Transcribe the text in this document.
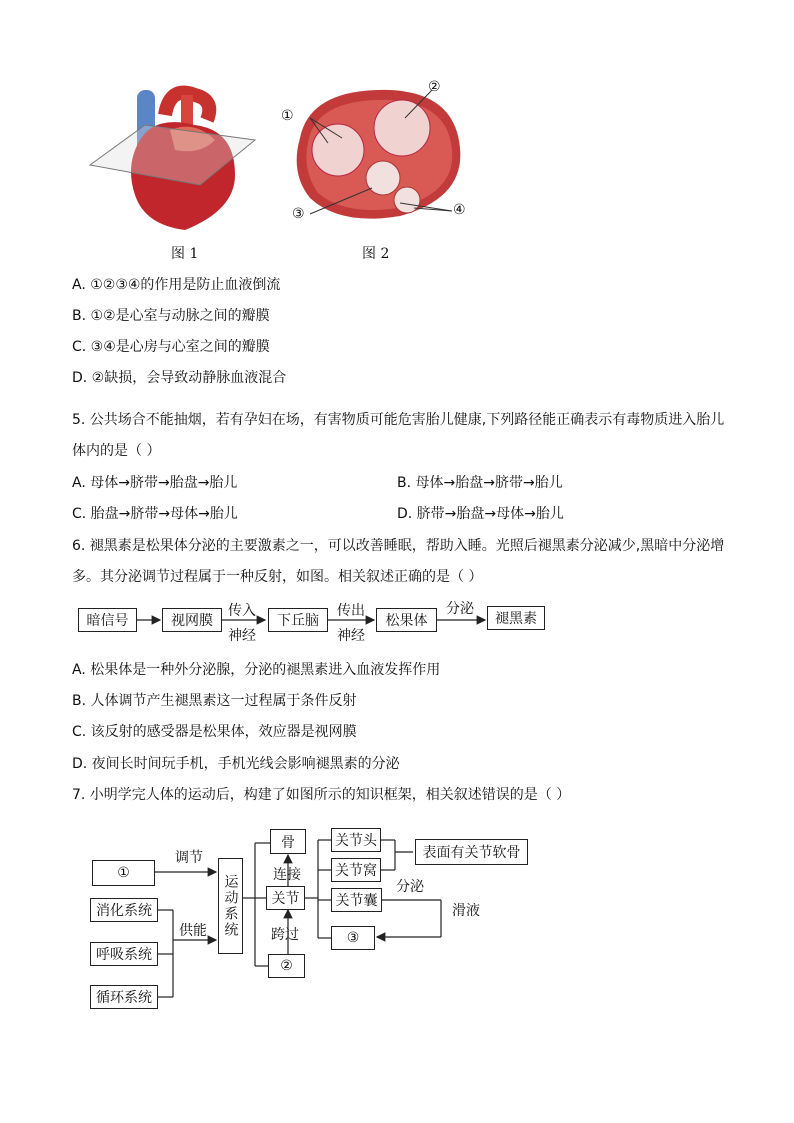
图 1
①
②
③	④
图 2
A. ①②③④的作用是防止血液倒流
B. ①②是心室与动脉之间的瓣膜
C. ③④是心房与心室之间的瓣膜
D. ②缺损，会导致动静脉血液混合
5. 公共场合不能抽烟，若有孕妇在场，有害物质可能危害胎儿健康,下列路径能正确表示有毒物质进入胎儿
体内的是（ ）
A. 母体→脐带→胎盘→胎儿	B. 母体→胎盘→脐带→胎儿
C. 胎盘→脐带→母体→胎儿	D. 脐带→胎盘→母体→胎儿
6. 褪黑素是松果体分泌的主要激素之一，可以改善睡眠，帮助入睡。光照后褪黑素分泌减少,黑暗中分泌增
多。其分泌调节过程属于一种反射，如图。相关叙述正确的是（ ）
暗信号	视网膜	下丘脑	松果体	褪黑素
传入
神经
传出
神经
分泌
A. 松果体是一种外分泌腺，分泌的褪黑素进入血液发挥作用
B. 人体调节产生褪黑素这一过程属于条件反射
C. 该反射的感受器是松果体，效应器是视网膜
D. 夜间长时间玩手机，手机光线会影响褪黑素的分泌
7. 小明学完人体的运动后，构建了如图所示的知识框架，相关叙述错误的是（ ）
①
消化系统
呼吸系统
循环系统
运动系统
骨
关节
②
关节头
关节窝
关节囊
③
表面有关节软骨
调节
供能
连接
跨过
分泌
滑液
